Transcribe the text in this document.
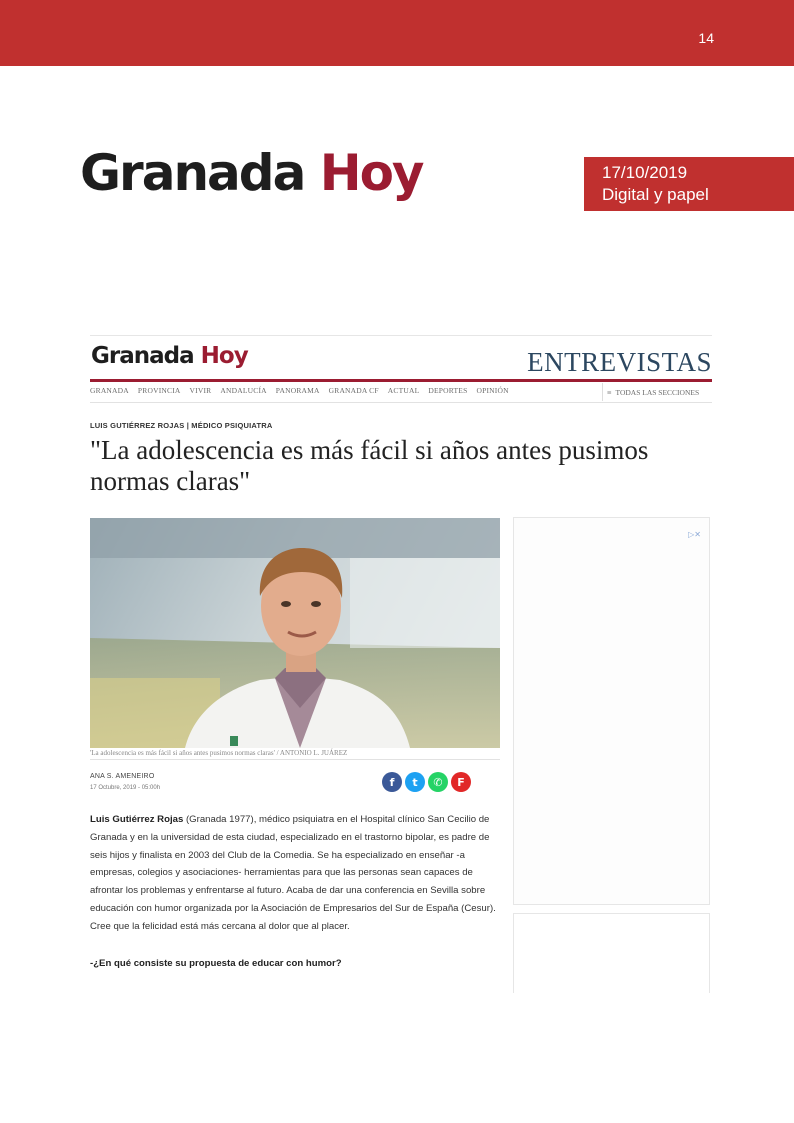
14
Granada Hoy	17/10/2019
Digital y papel
Granada Hoy	ENTREVISTAS
GRANADA PROVINCIA VIVIR ANDALUCÍA PANORAMA GRANADA CF ACTUAL DEPORTES OPINIÓN	≡ TODAS LAS SECCIONES
LUIS GUTIÉRREZ ROJAS | MÉDICO PSIQUIATRA
"La adolescencia es más fácil si años antes pusimos normas claras"
'La adolescencia es más fácil si años antes pusimos normas claras' / ANTONIO L. JUÁREZ
ANA S. AMENEIRO
17 Octubre, 2019 - 05:00h	f	t	✆	F
Luis Gutiérrez Rojas (Granada 1977), médico psiquiatra en el Hospital clínico San Cecilio de Granada y en la universidad de esta ciudad, especializado en el trastorno bipolar, es padre de seis hijos y finalista en 2003 del Club de la Comedia. Se ha especializado en enseñar -a empresas, colegios y asociaciones- herramientas para que las personas sean capaces de afrontar los problemas y enfrentarse al futuro. Acaba de dar una conferencia en Sevilla sobre educación con humor organizada por la Asociación de Empresarios del Sur de España (Cesur). Cree que la felicidad está más cercana al dolor que al placer.
-¿En qué consiste su propuesta de educar con humor?
▷✕
